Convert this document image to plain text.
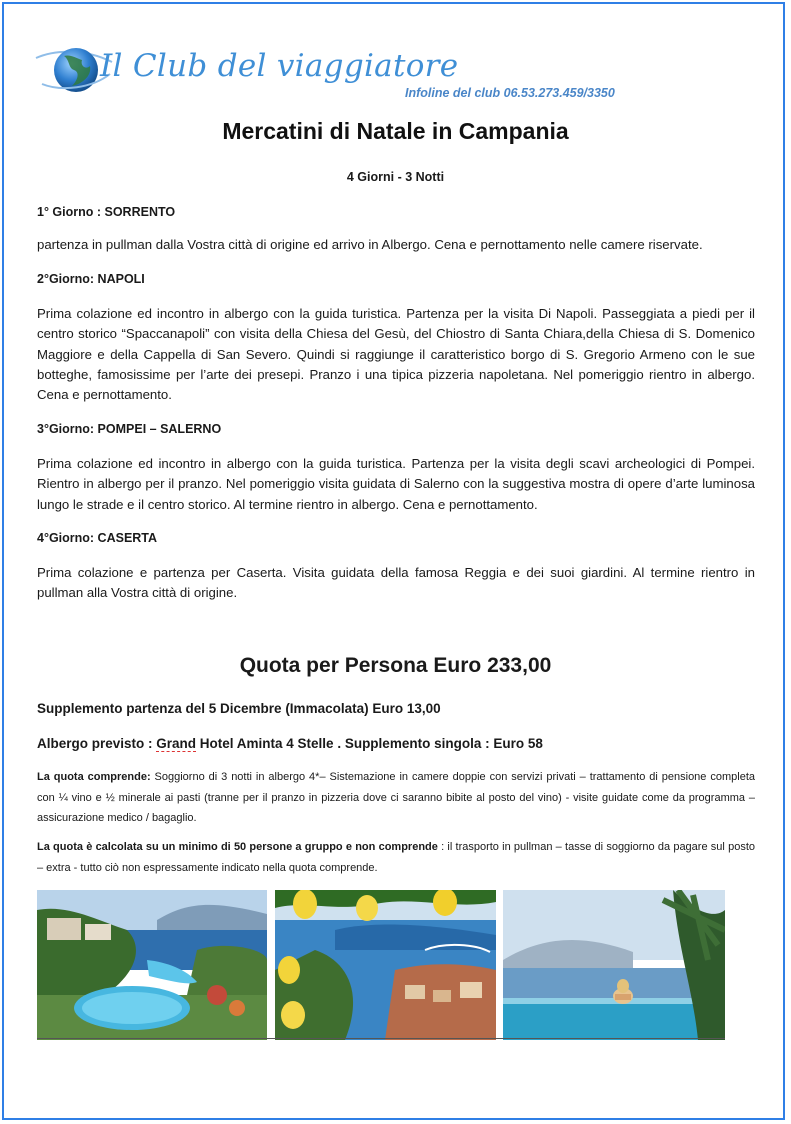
Il Club del viaggiatore
Infoline del club 06.53.273.459/3350
Mercatini di Natale in Campania
4 Giorni - 3 Notti
1° Giorno : SORRENTO
partenza in pullman dalla Vostra città di origine ed arrivo in Albergo. Cena e pernottamento nelle camere riservate.
2°Giorno: NAPOLI
Prima colazione ed incontro in albergo con la guida turistica. Partenza per la visita Di Napoli. Passeggiata a piedi per il centro storico “Spaccanapoli” con visita della Chiesa del Gesù, del Chiostro di Santa Chiara,della Chiesa di S. Domenico Maggiore e della Cappella di San Severo. Quindi si raggiunge il caratteristico borgo di S. Gregorio Armeno con le sue botteghe, famosissime per l’arte dei presepi. Pranzo i una tipica pizzeria napoletana. Nel pomeriggio rientro in albergo. Cena e pernottamento.
3°Giorno: POMPEI – SALERNO
Prima colazione ed incontro in albergo con la guida turistica. Partenza per la visita degli scavi archeologici di Pompei. Rientro in albergo per il pranzo. Nel pomeriggio visita guidata di Salerno con la suggestiva mostra di opere d’arte luminosa lungo le strade e il centro storico. Al termine rientro in albergo. Cena e pernottamento.
4°Giorno: CASERTA
Prima colazione e partenza per Caserta. Visita guidata della famosa Reggia e dei suoi giardini. Al termine rientro in pullman alla Vostra città di origine.
Quota per Persona Euro 233,00
Supplemento partenza del 5 Dicembre (Immacolata) Euro 13,00
Albergo previsto : Grand Hotel Aminta 4 Stelle . Supplemento singola : Euro 58
La quota comprende: Soggiorno di 3 notti in albergo 4*– Sistemazione in camere doppie con servizi privati – trattamento di pensione completa con ¼ vino e ½ minerale ai pasti (tranne per il pranzo in pizzeria dove ci saranno bibite al posto del vino) - visite guidate come da programma – assicurazione medico / bagaglio.
La quota è calcolata su un minimo di 50 persone a gruppo e non comprende : il trasporto in pullman – tasse di soggiorno da pagare sul posto – extra - tutto ciò non espressamente indicato nella quota comprende.
